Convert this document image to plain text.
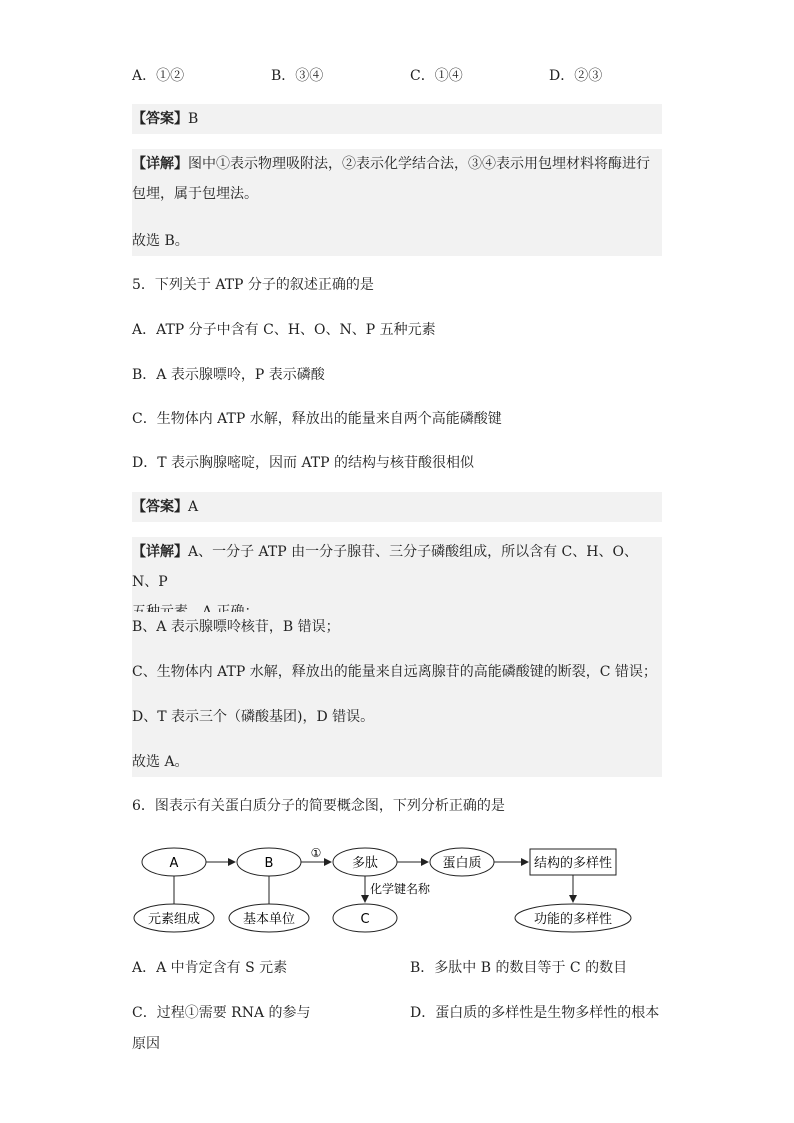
A．①②	B．③④	C．①④	D．②③
【答案】B
【详解】图中①表示物理吸附法，②表示化学结合法，③④表示用包埋材料将酶进行
包埋，属于包埋法。
故选 B。
5．下列关于 ATP 分子的叙述正确的是
A．ATP 分子中含有 C、H、O、N、P 五种元素
B．A 表示腺嘌呤，P 表示磷酸
C．生物体内 ATP 水解，释放出的能量来自两个高能磷酸键
D．T 表示胸腺嘧啶，因而 ATP 的结构与核苷酸很相似
【答案】A
【详解】A、一分子 ATP 由一分子腺苷、三分子磷酸组成，所以含有 C、H、O、N、P
B、A 表示腺嘌呤核苷，B 错误；
C、生物体内 ATP 水解，释放出的能量来自远离腺苷的高能磷酸键的断裂，C 错误；
D、T 表示三个（磷酸基团)，D 错误。
故选 A。
6．图表示有关蛋白质分子的简要概念图，下列分析正确的是
A	B	多肽	蛋白质	结构的多样性
①
化学键名称
元素组成	基本单位	C	功能的多样性
A．A 中肯定含有 S 元素	B．多肽中 B 的数目等于 C 的数目
C．过程①需要 RNA 的参与	D．蛋白质的多样性是生物多样性的根本
原因
